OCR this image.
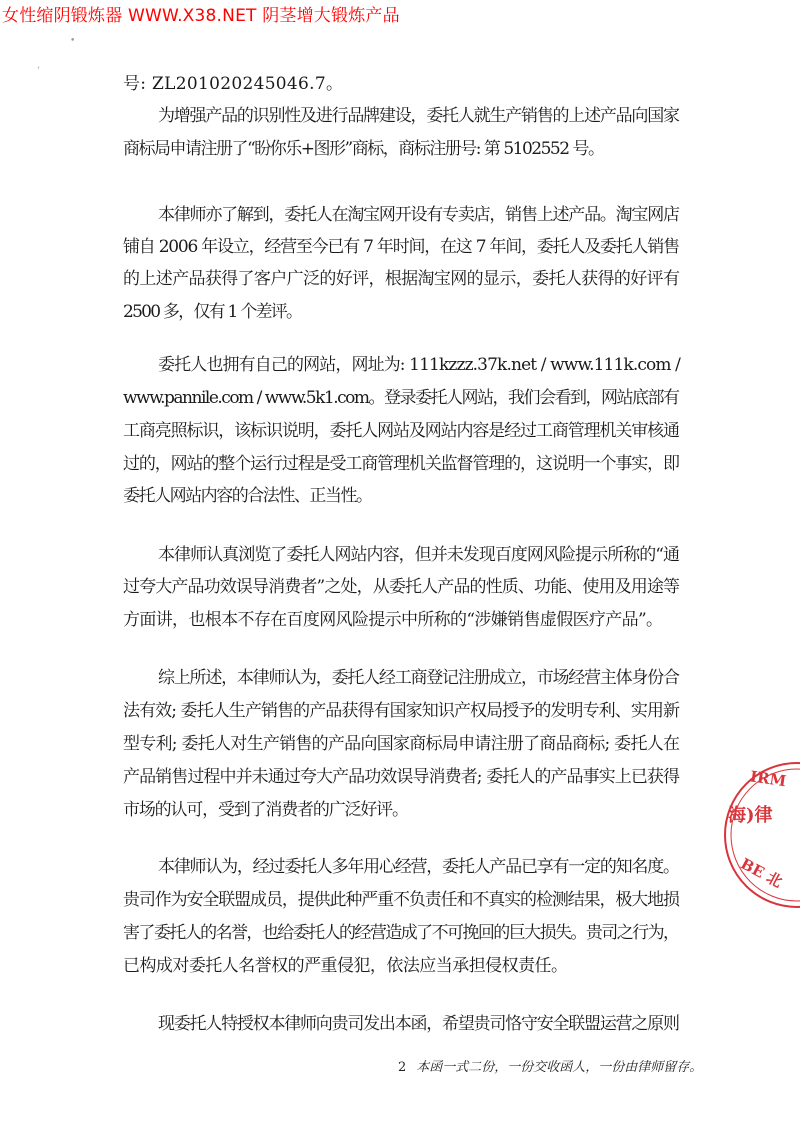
女性缩阴锻炼器 WWW.X38.NET 阴茎增大锻炼产品
•
ʻ
号: ZL201020245046.7。
为增强产品的识别性及进行品牌建设，委托人就生产销售的上述产品向国家
商标局申请注册了“盼你乐+图形”商标，商标注册号: 第 5102552 号。
本律师亦了解到，委托人在淘宝网开设有专卖店，销售上述产品。淘宝网店
铺自 2006 年设立，经营至今已有 7 年时间，在这 7 年间，委托人及委托人销售
的上述产品获得了客户广泛的好评，根据淘宝网的显示，委托人获得的好评有
2500 多，仅有 1 个差评。
委托人也拥有自己的网站，网址为: 111kzzz.37k.net / www.111k.com /
www.pannile.com / www.5k1.com。登录委托人网站，我们会看到，网站底部有
工商亮照标识，该标识说明，委托人网站及网站内容是经过工商管理机关审核通
过的，网站的整个运行过程是受工商管理机关监督管理的，这说明一个事实，即
委托人网站内容的合法性、正当性。
本律师认真浏览了委托人网站内容，但并未发现百度网风险提示所称的“通
过夸大产品功效误导消费者”之处，从委托人产品的性质、功能、使用及用途等
方面讲，也根本不存在百度网风险提示中所称的“涉嫌销售虚假医疗产品”。
综上所述，本律师认为，委托人经工商登记注册成立，市场经营主体身份合
法有效; 委托人生产销售的产品获得有国家知识产权局授予的发明专利、实用新
型专利; 委托人对生产销售的产品向国家商标局申请注册了商品商标; 委托人在
产品销售过程中并未通过夸大产品功效误导消费者; 委托人的产品事实上已获得
市场的认可，受到了消费者的广泛好评。
本律师认为，经过委托人多年用心经营，委托人产品已享有一定的知名度。
贵司作为安全联盟成员，提供此种严重不负责任和不真实的检测结果，极大地损
害了委托人的名誉，也给委托人的经营造成了不可挽回的巨大损失。贵司之行为，
已构成对委托人名誉权的严重侵犯，依法应当承担侵权责任。
现委托人特授权本律师向贵司发出本函，希望贵司恪守安全联盟运营之原则
2 本函一式二份，一份交收函人，一份由律师留存。
IRM
海)律
BE 北
